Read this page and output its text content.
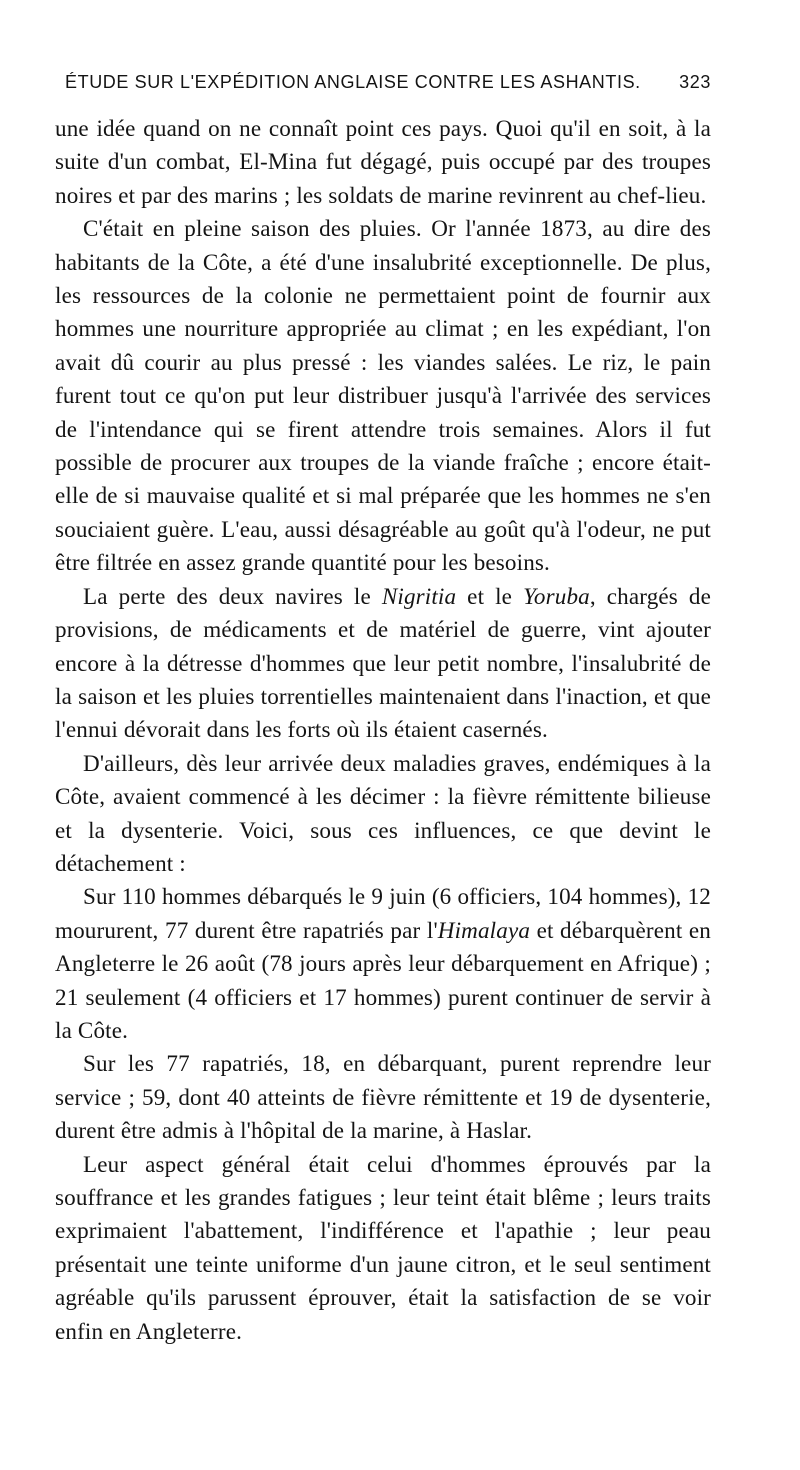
ÉTUDE SUR L'EXPÉDITION ANGLAISE CONTRE LES ASHANTIS. 323

une idée quand on ne connaît point ces pays. Quoi qu'il en soit, à la suite d'un combat, El-Mina fut dégagé, puis occupé par des troupes noires et par des marins ; les soldats de marine revinrent au chef-lieu.

C'était en pleine saison des pluies. Or l'année 1873, au dire des habitants de la Côte, a été d'une insalubrité exceptionnelle. De plus, les ressources de la colonie ne permettaient point de fournir aux hommes une nourriture appropriée au climat ; en les expédiant, l'on avait dû courir au plus pressé : les viandes salées. Le riz, le pain furent tout ce qu'on put leur distribuer jusqu'à l'arrivée des services de l'intendance qui se firent attendre trois semaines. Alors il fut possible de procurer aux troupes de la viande fraîche ; encore était-elle de si mauvaise qualité et si mal préparée que les hommes ne s'en souciaient guère. L'eau, aussi désagréable au goût qu'à l'odeur, ne put être filtrée en assez grande quantité pour les besoins.

La perte des deux navires le Nigritia et le Yoruba, chargés de provisions, de médicaments et de matériel de guerre, vint ajouter encore à la détresse d'hommes que leur petit nombre, l'insalubrité de la saison et les pluies torrentielles maintenaient dans l'inaction, et que l'ennui dévorait dans les forts où ils étaient casernés.

D'ailleurs, dès leur arrivée deux maladies graves, endémiques à la Côte, avaient commencé à les décimer : la fièvre rémittente bilieuse et la dysenterie. Voici, sous ces influences, ce que devint le détachement :

Sur 110 hommes débarqués le 9 juin (6 officiers, 104 hommes), 12 moururent, 77 durent être rapatriés par l'Himalaya et débarquèrent en Angleterre le 26 août (78 jours après leur débarquement en Afrique) ; 21 seulement (4 officiers et 17 hommes) purent continuer de servir à la Côte.

Sur les 77 rapatriés, 18, en débarquant, purent reprendre leur service ; 59, dont 40 atteints de fièvre rémittente et 19 de dysenterie, durent être admis à l'hôpital de la marine, à Haslar.

Leur aspect général était celui d'hommes éprouvés par la souffrance et les grandes fatigues ; leur teint était blême ; leurs traits exprimaient l'abattement, l'indifférence et l'apathie ; leur peau présentait une teinte uniforme d'un jaune citron, et le seul sentiment agréable qu'ils parussent éprouver, était la satisfaction de se voir enfin en Angleterre.
